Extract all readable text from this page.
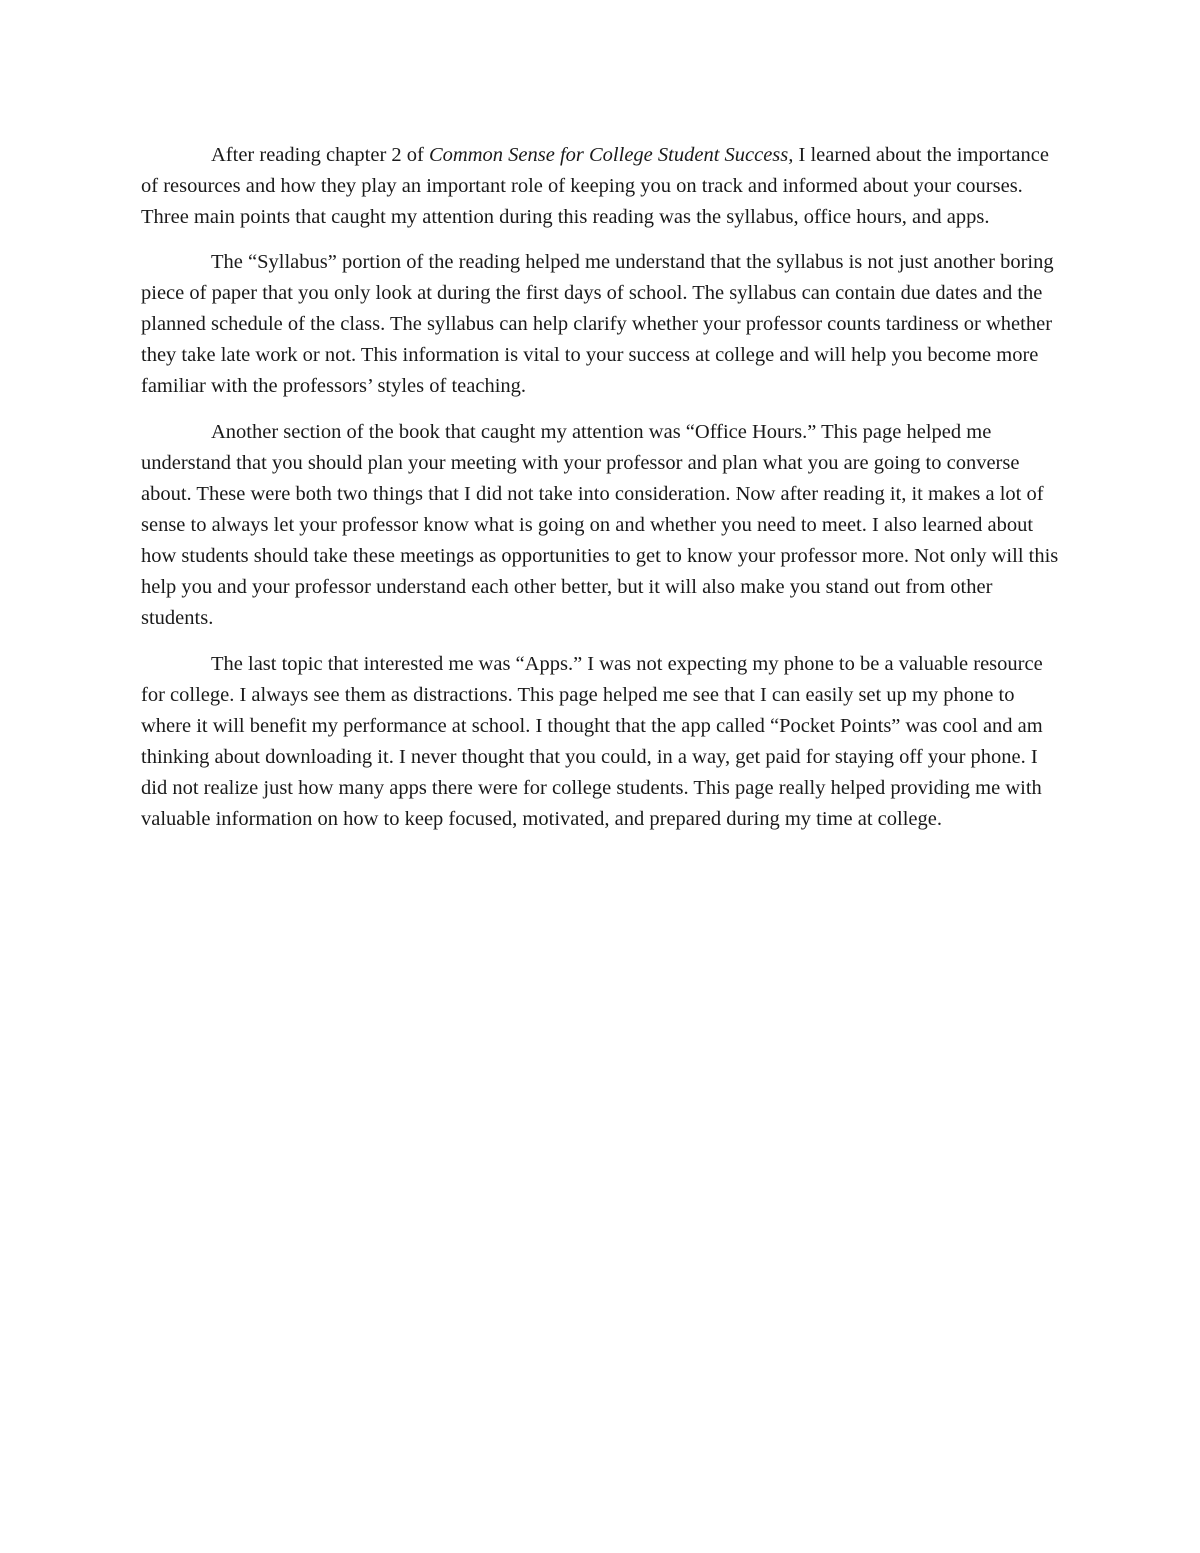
After reading chapter 2 of Common Sense for College Student Success, I learned about the importance of resources and how they play an important role of keeping you on track and informed about your courses. Three main points that caught my attention during this reading was the syllabus, office hours, and apps.

The “Syllabus” portion of the reading helped me understand that the syllabus is not just another boring piece of paper that you only look at during the first days of school. The syllabus can contain due dates and the planned schedule of the class. The syllabus can help clarify whether your professor counts tardiness or whether they take late work or not. This information is vital to your success at college and will help you become more familiar with the professors’ styles of teaching.

Another section of the book that caught my attention was “Office Hours.” This page helped me understand that you should plan your meeting with your professor and plan what you are going to converse about. These were both two things that I did not take into consideration. Now after reading it, it makes a lot of sense to always let your professor know what is going on and whether you need to meet. I also learned about how students should take these meetings as opportunities to get to know your professor more. Not only will this help you and your professor understand each other better, but it will also make you stand out from other students.

The last topic that interested me was “Apps.” I was not expecting my phone to be a valuable resource for college. I always see them as distractions. This page helped me see that I can easily set up my phone to where it will benefit my performance at school. I thought that the app called “Pocket Points” was cool and am thinking about downloading it. I never thought that you could, in a way, get paid for staying off your phone. I did not realize just how many apps there were for college students. This page really helped providing me with valuable information on how to keep focused, motivated, and prepared during my time at college.
